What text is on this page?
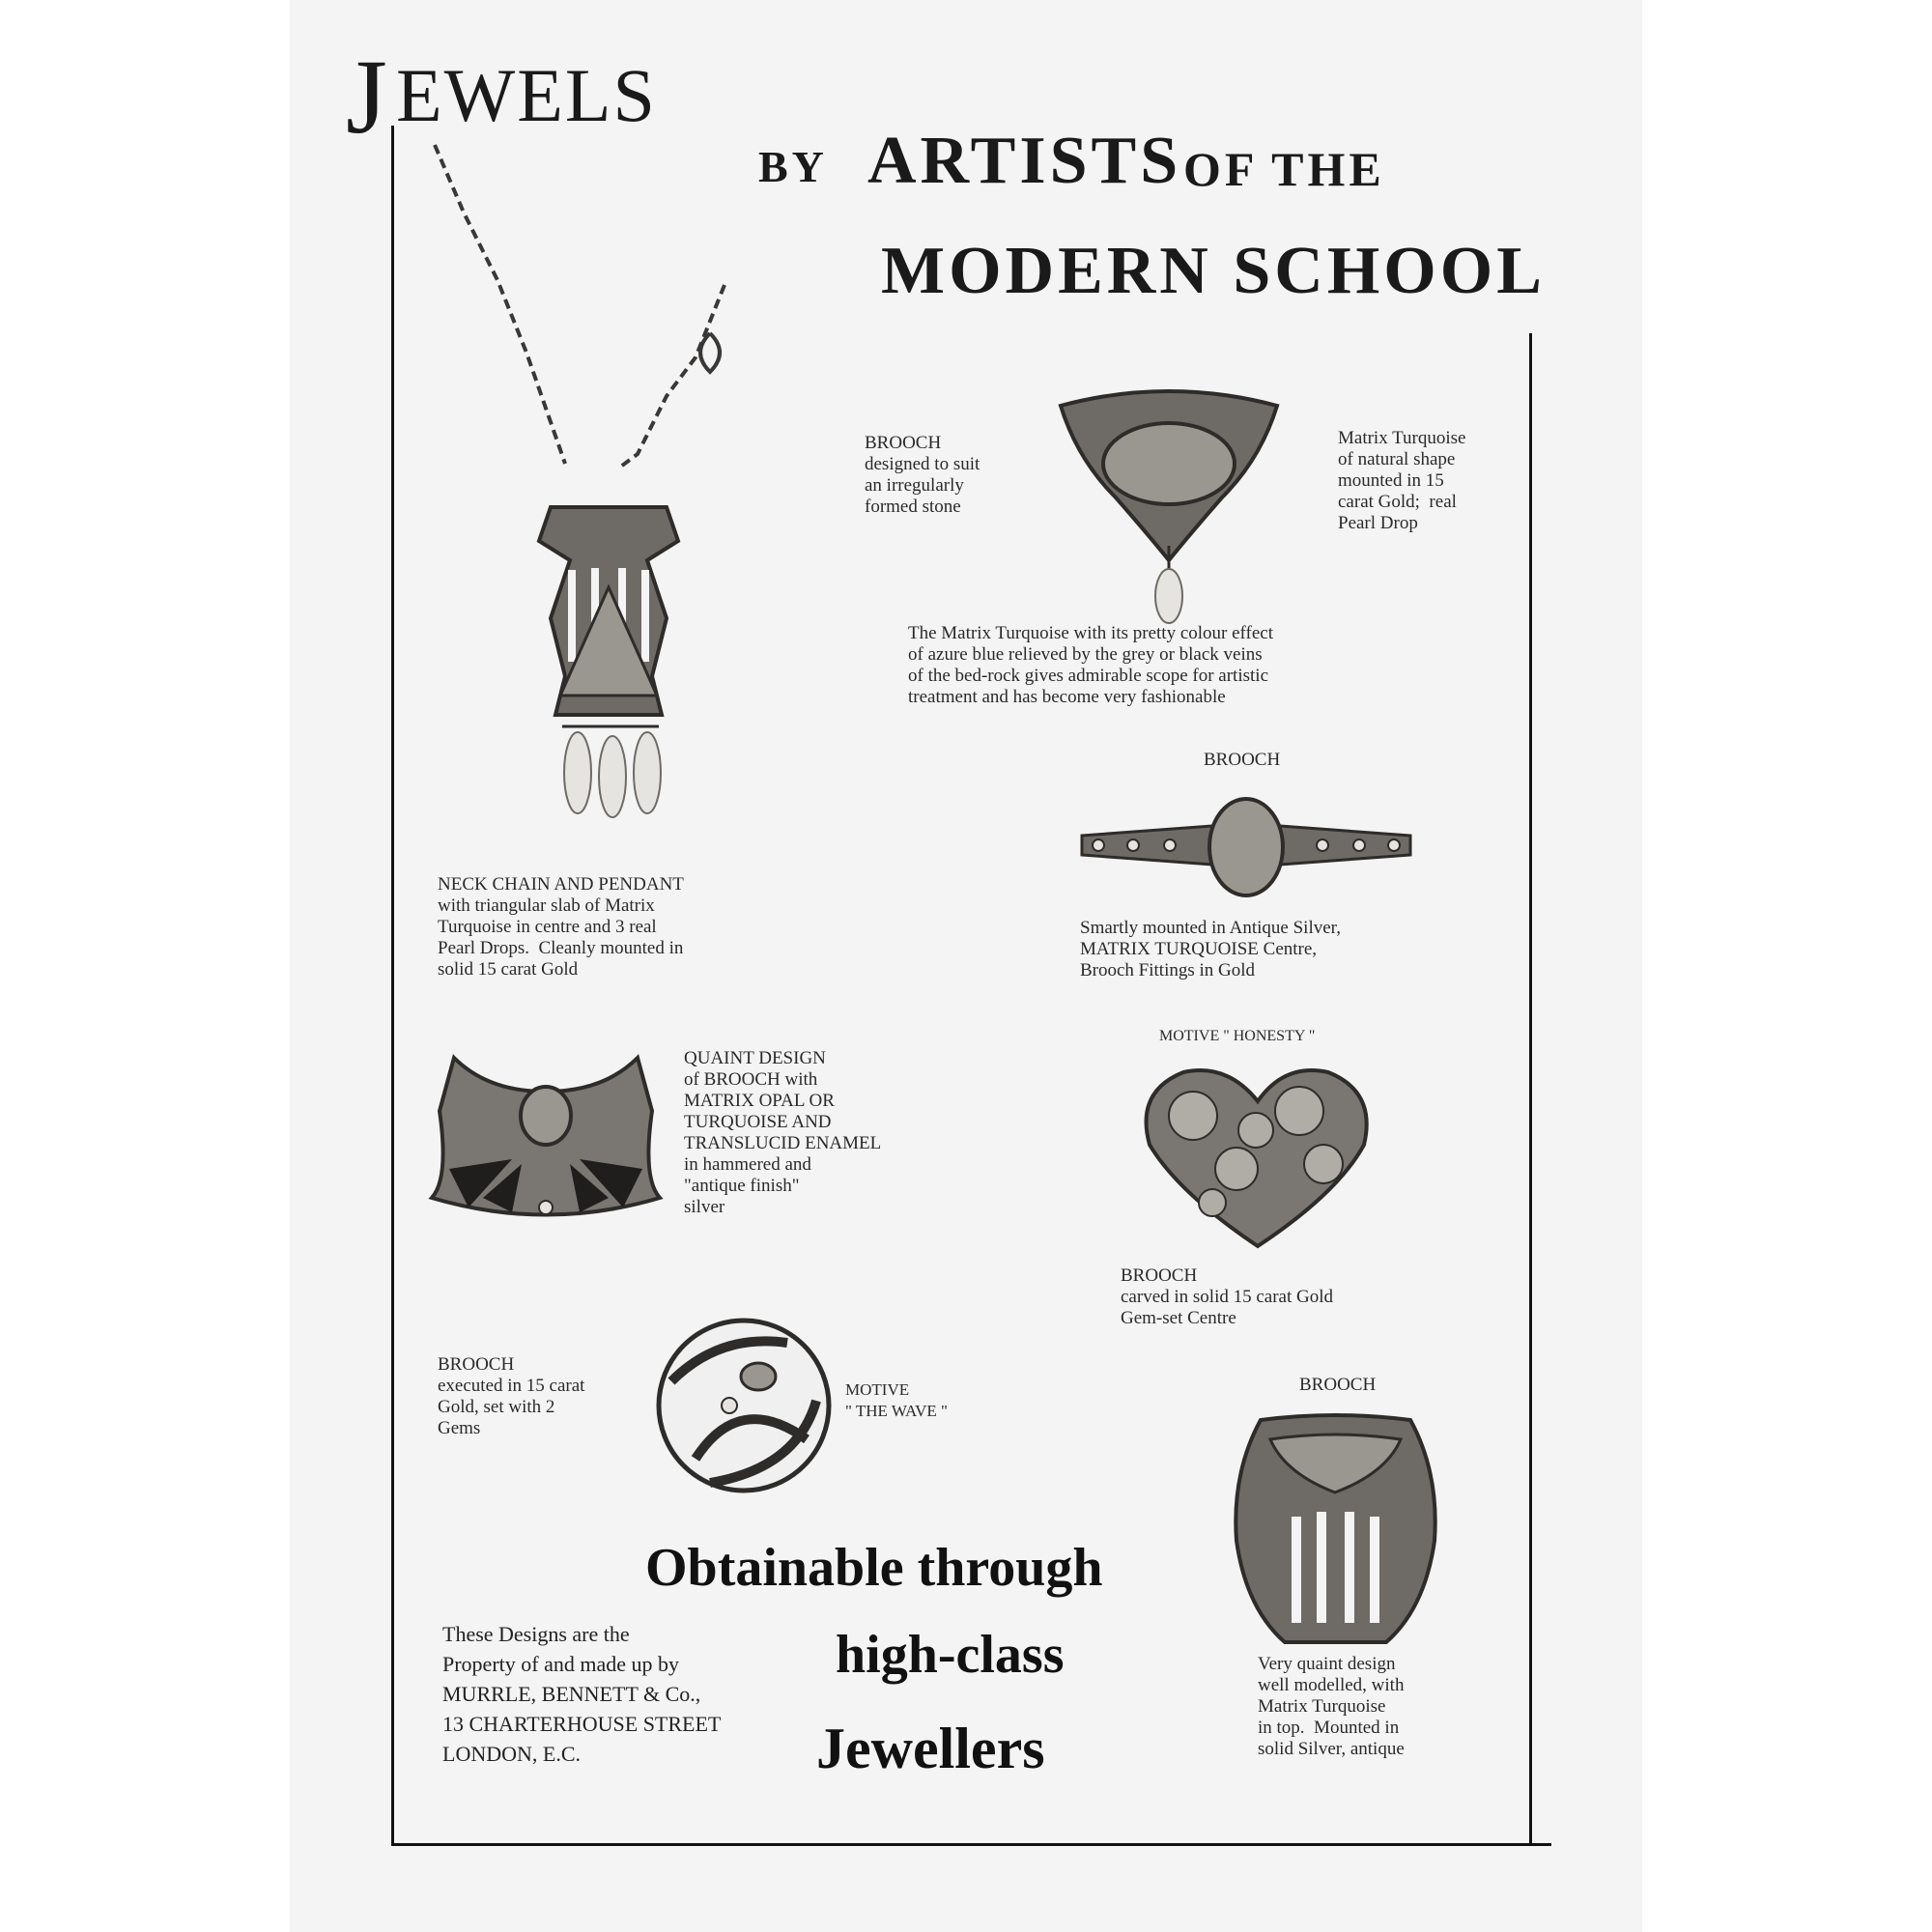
J EWELS
BY ARTISTS OF THE
MODERN SCHOOL
BROOCH
designed to suit
an irregularly
formed stone
Matrix Turquoise
of natural shape
mounted in 15
carat Gold;  real
Pearl Drop
The Matrix Turquoise with its pretty colour effect
of azure blue relieved by the grey or black veins
of the bed-rock gives admirable scope for artistic
treatment and has become very fashionable
BROOCH
Smartly mounted in Antique Silver,
MATRIX TURQUOISE Centre,
Brooch Fittings in Gold
NECK CHAIN AND PENDANT
with triangular slab of Matrix
Turquoise in centre and 3 real
Pearl Drops.  Cleanly mounted in
solid 15 carat Gold
MOTIVE " HONESTY "
BROOCH
carved in solid 15 carat Gold
Gem-set Centre
QUAINT DESIGN
of BROOCH with
MATRIX OPAL OR
TURQUOISE AND
TRANSLUCID ENAMEL
in hammered and
"antique finish"
silver
BROOCH
executed in 15 carat
Gold, set with 2
Gems
MOTIVE
" THE WAVE "
BROOCH
Very quaint design
well modelled, with
Matrix Turquoise
in top.  Mounted in
solid Silver, antique
Obtainable through
high-class
Jewellers
These Designs are the
Property of and made up by
MURRLE, BENNETT & Co.,
13 CHARTERHOUSE STREET
LONDON, E.C.
